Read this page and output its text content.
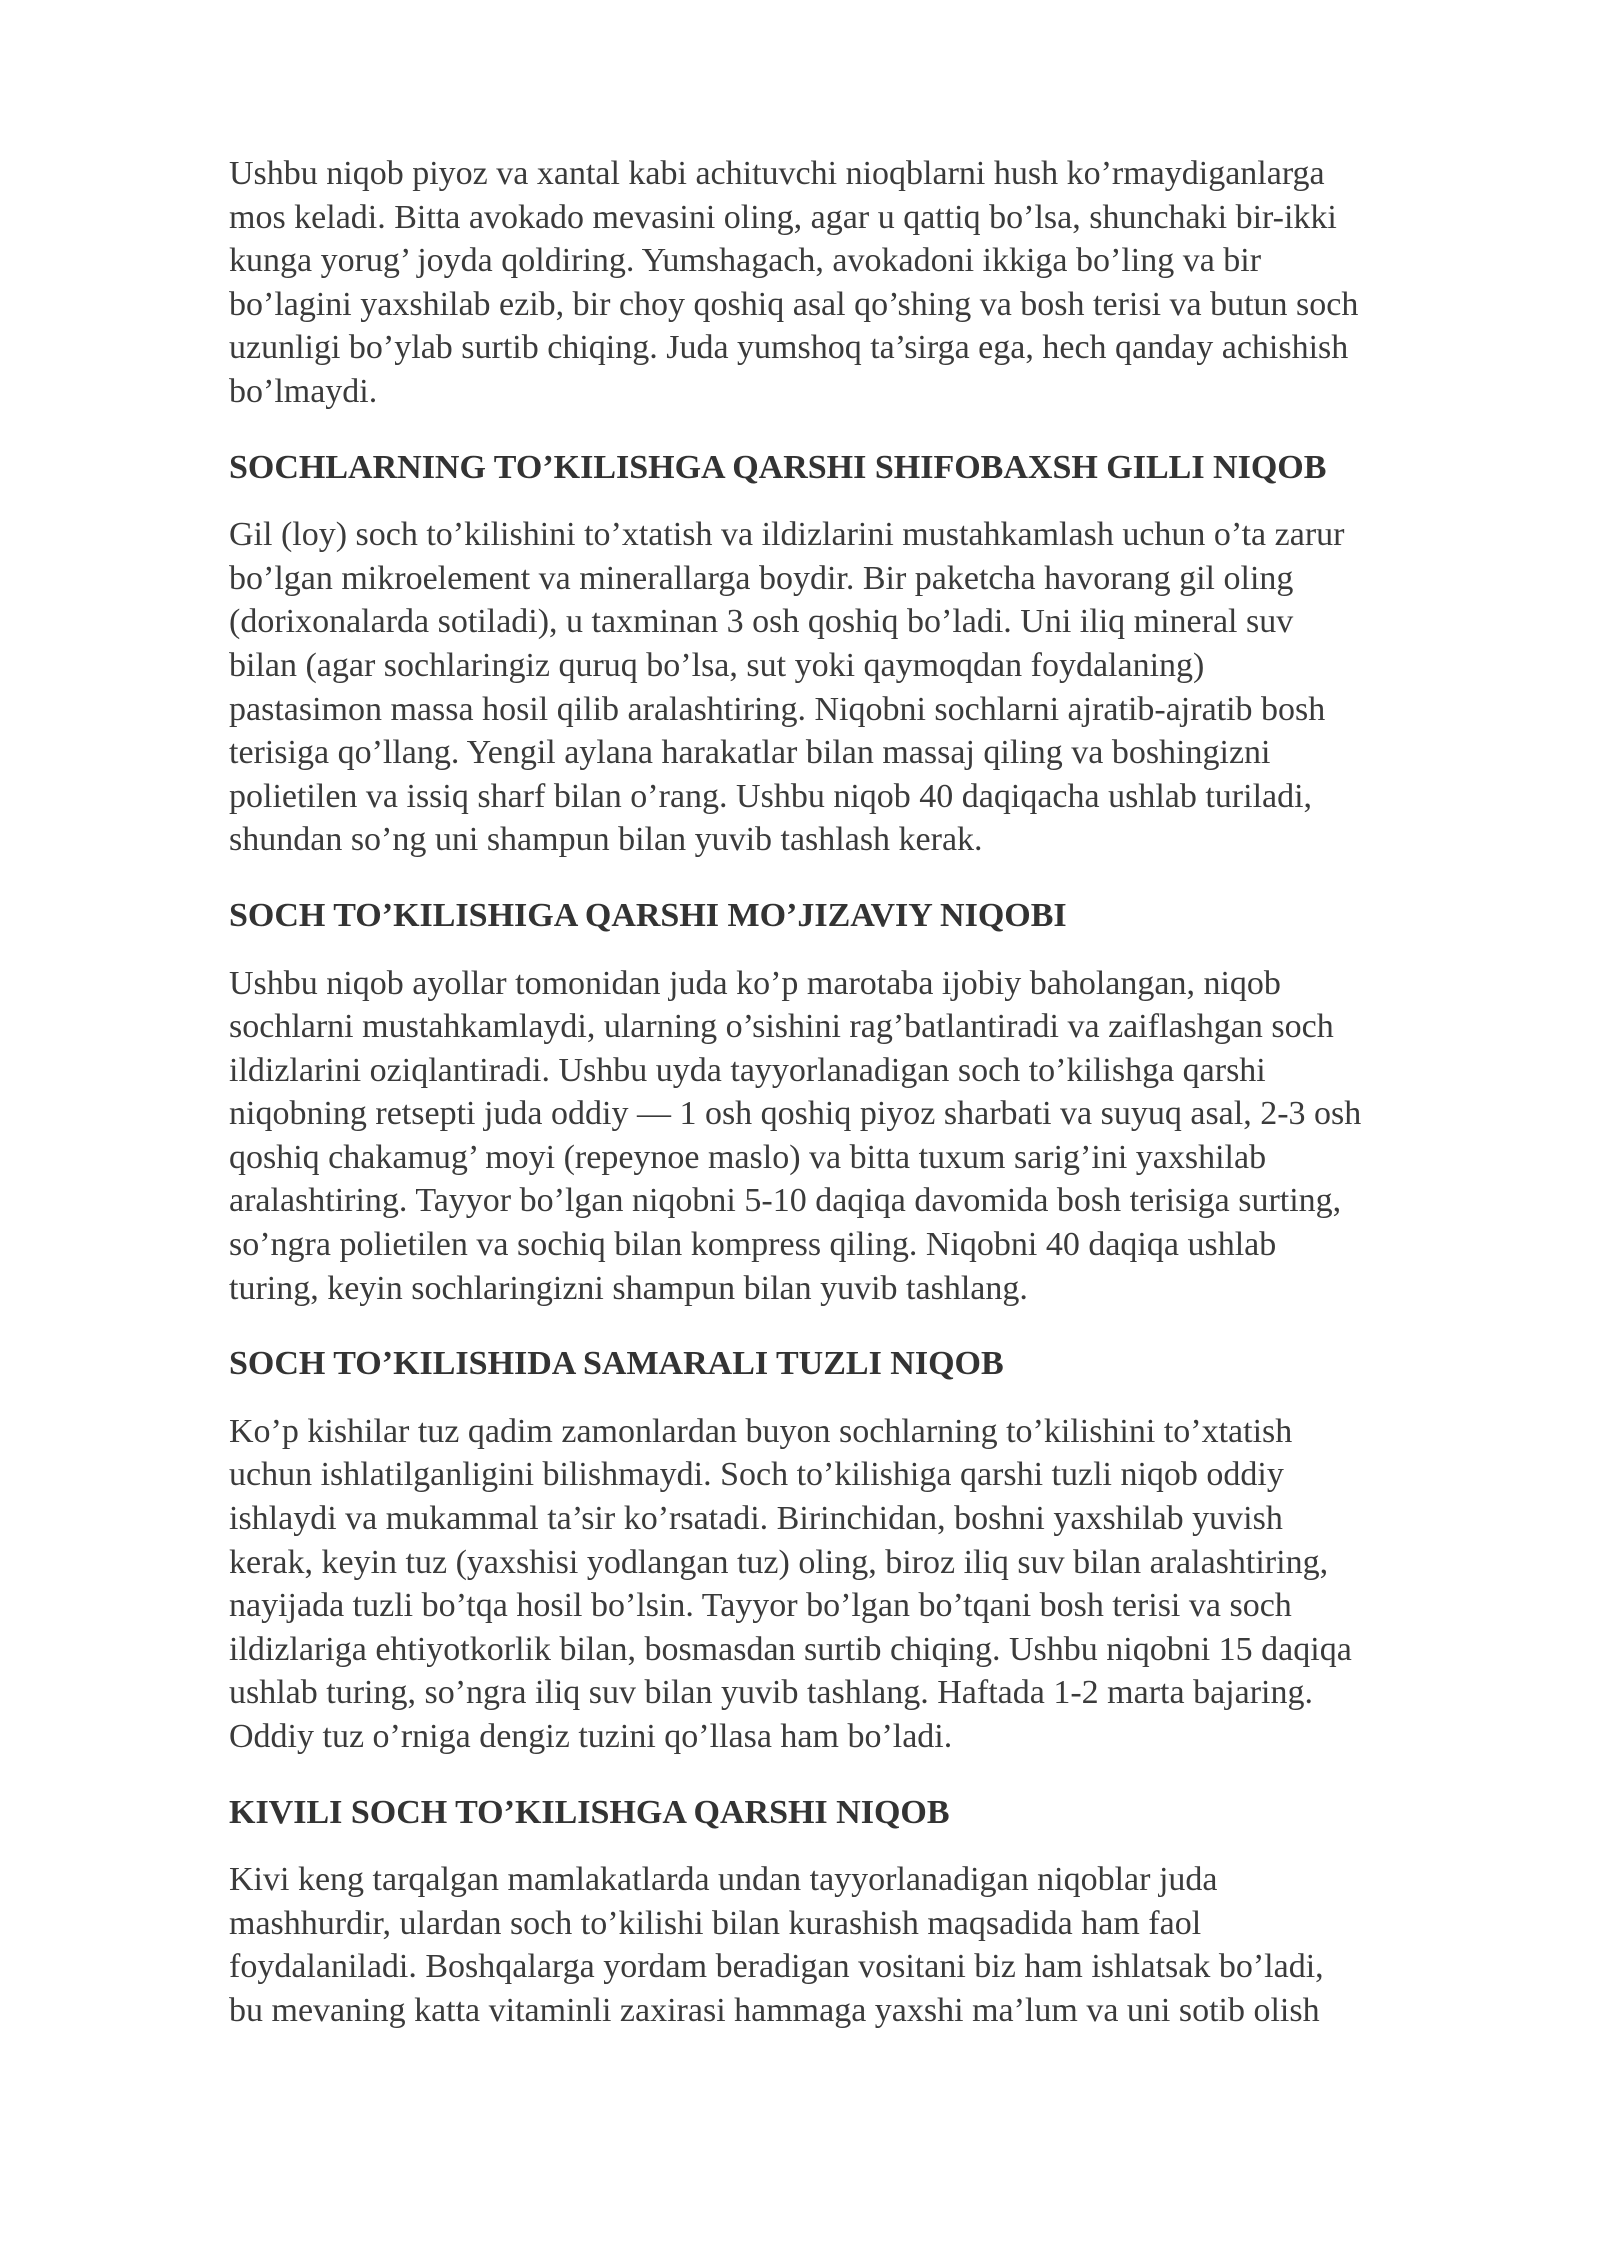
Ushbu niqob piyoz va xantal kabi achituvchi nioqblarni hush ko’rmaydiganlarga
mos keladi. Bitta avokado mevasini oling, agar u qattiq bo’lsa, shunchaki bir-ikki
kunga yorug’ joyda qoldiring. Yumshagach, avokadoni ikkiga bo’ling va bir
bo’lagini yaxshilab ezib, bir choy qoshiq asal qo’shing va bosh terisi va butun soch
uzunligi bo’ylab surtib chiqing. Juda yumshoq ta’sirga ega, hech qanday achishish
bo’lmaydi.

SOCHLARNING TO’KILISHGA QARSHI SHIFOBAXSH GILLI NIQOB

Gil (loy) soch to’kilishini to’xtatish va ildizlarini mustahkamlash uchun o’ta zarur
bo’lgan mikroelement va minerallarga boydir. Bir paketcha havorang gil oling
(dorixonalarda sotiladi), u taxminan 3 osh qoshiq bo’ladi. Uni iliq mineral suv
bilan (agar sochlaringiz quruq bo’lsa, sut yoki qaymoqdan foydalaning)
pastasimon massa hosil qilib aralashtiring. Niqobni sochlarni ajratib-ajratib bosh
terisiga qo’llang. Yengil aylana harakatlar bilan massaj qiling va boshingizni
polietilen va issiq sharf bilan o’rang. Ushbu niqob 40 daqiqacha ushlab turiladi,
shundan so’ng uni shampun bilan yuvib tashlash kerak.

SOCH TO’KILISHIGA QARSHI MO’JIZAVIY NIQOBI

Ushbu niqob ayollar tomonidan juda ko’p marotaba ijobiy baholangan, niqob
sochlarni mustahkamlaydi, ularning o’sishini rag’batlantiradi va zaiflashgan soch
ildizlarini oziqlantiradi. Ushbu uyda tayyorlanadigan soch to’kilishga qarshi
niqobning retsepti juda oddiy — 1 osh qoshiq piyoz sharbati va suyuq asal, 2-3 osh
qoshiq chakamug’ moyi (repeynoe maslo) va bitta tuxum sarig’ini yaxshilab
aralashtiring. Tayyor bo’lgan niqobni 5-10 daqiqa davomida bosh terisiga surting,
so’ngra polietilen va sochiq bilan kompress qiling. Niqobni 40 daqiqa ushlab
turing, keyin sochlaringizni shampun bilan yuvib tashlang.

SOCH TO’KILISHIDA SAMARALI TUZLI NIQOB

Ko’p kishilar tuz qadim zamonlardan buyon sochlarning to’kilishini to’xtatish
uchun ishlatilganligini bilishmaydi. Soch to’kilishiga qarshi tuzli niqob oddiy
ishlaydi va mukammal ta’sir ko’rsatadi. Birinchidan, boshni yaxshilab yuvish
kerak, keyin tuz (yaxshisi yodlangan tuz) oling, biroz iliq suv bilan aralashtiring,
nayijada tuzli bo’tqa hosil bo’lsin. Tayyor bo’lgan bo’tqani bosh terisi va soch
ildizlariga ehtiyotkorlik bilan, bosmasdan surtib chiqing. Ushbu niqobni 15 daqiqa
ushlab turing, so’ngra iliq suv bilan yuvib tashlang. Haftada 1-2 marta bajaring.
Oddiy tuz o’rniga dengiz tuzini qo’llasa ham bo’ladi.

KIVILI SOCH TO’KILISHGA QARSHI NIQOB

Kivi keng tarqalgan mamlakatlarda undan tayyorlanadigan niqoblar juda
mashhurdir, ulardan soch to’kilishi bilan kurashish maqsadida ham faol
foydalaniladi. Boshqalarga yordam beradigan vositani biz ham ishlatsak bo’ladi,
bu mevaning katta vitaminli zaxirasi hammaga yaxshi ma’lum va uni sotib olish
